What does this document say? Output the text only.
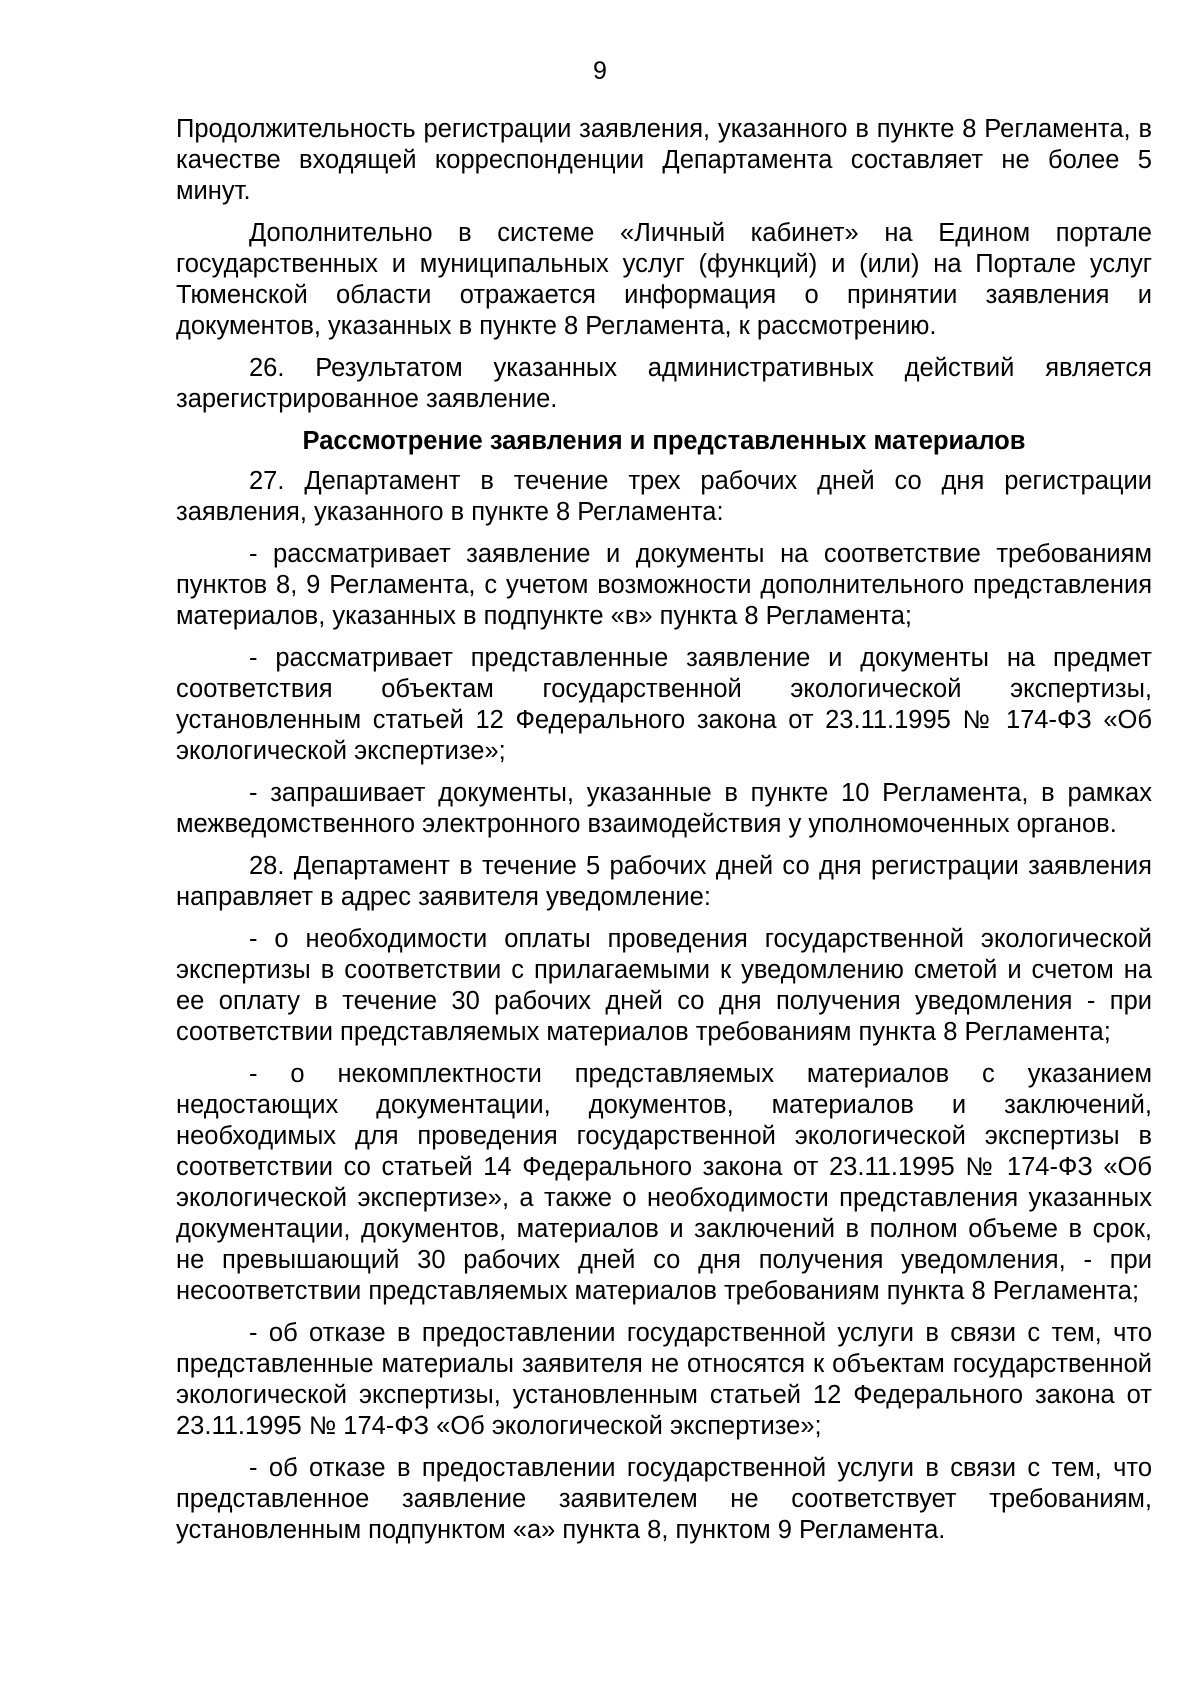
9

Продолжительность регистрации заявления, указанного в пункте 8 Регламента, в качестве входящей корреспонденции Департамента составляет не более 5 минут.

Дополнительно в системе «Личный кабинет» на Едином портале государственных и муниципальных услуг (функций) и (или) на Портале услуг Тюменской области отражается информация о принятии заявления и документов, указанных в пункте 8 Регламента, к рассмотрению.

26. Результатом указанных административных действий является зарегистрированное заявление.

Рассмотрение заявления и представленных материалов

27. Департамент в течение трех рабочих дней со дня регистрации заявления, указанного в пункте 8 Регламента:

- рассматривает заявление и документы на соответствие требованиям пунктов 8, 9 Регламента, с учетом возможности дополнительного представления материалов, указанных в подпункте «в» пункта 8 Регламента;

- рассматривает представленные заявление и документы на предмет соответствия объектам государственной экологической экспертизы, установленным статьей 12 Федерального закона от 23.11.1995 № 174-ФЗ «Об экологической экспертизе»;

- запрашивает документы, указанные в пункте 10 Регламента, в рамках межведомственного электронного взаимодействия у уполномоченных органов.

28. Департамент в течение 5 рабочих дней со дня регистрации заявления направляет в адрес заявителя уведомление:

- о необходимости оплаты проведения государственной экологической экспертизы в соответствии с прилагаемыми к уведомлению сметой и счетом на ее оплату в течение 30 рабочих дней со дня получения уведомления - при соответствии представляемых материалов требованиям пункта 8 Регламента;

- о некомплектности представляемых материалов с указанием недостающих документации, документов, материалов и заключений, необходимых для проведения государственной экологической экспертизы в соответствии со статьей 14 Федерального закона от 23.11.1995 № 174-ФЗ «Об экологической экспертизе», а также о необходимости представления указанных документации, документов, материалов и заключений в полном объеме в срок, не превышающий 30 рабочих дней со дня получения уведомления, - при несоответствии представляемых материалов требованиям пункта 8 Регламента;

- об отказе в предоставлении государственной услуги в связи с тем, что представленные материалы заявителя не относятся к объектам государственной экологической экспертизы, установленным статьей 12 Федерального закона от 23.11.1995 № 174-ФЗ «Об экологической экспертизе»;

- об отказе в предоставлении государственной услуги в связи с тем, что представленное заявление заявителем не соответствует требованиям, установленным подпунктом «а» пункта 8, пунктом 9 Регламента.
